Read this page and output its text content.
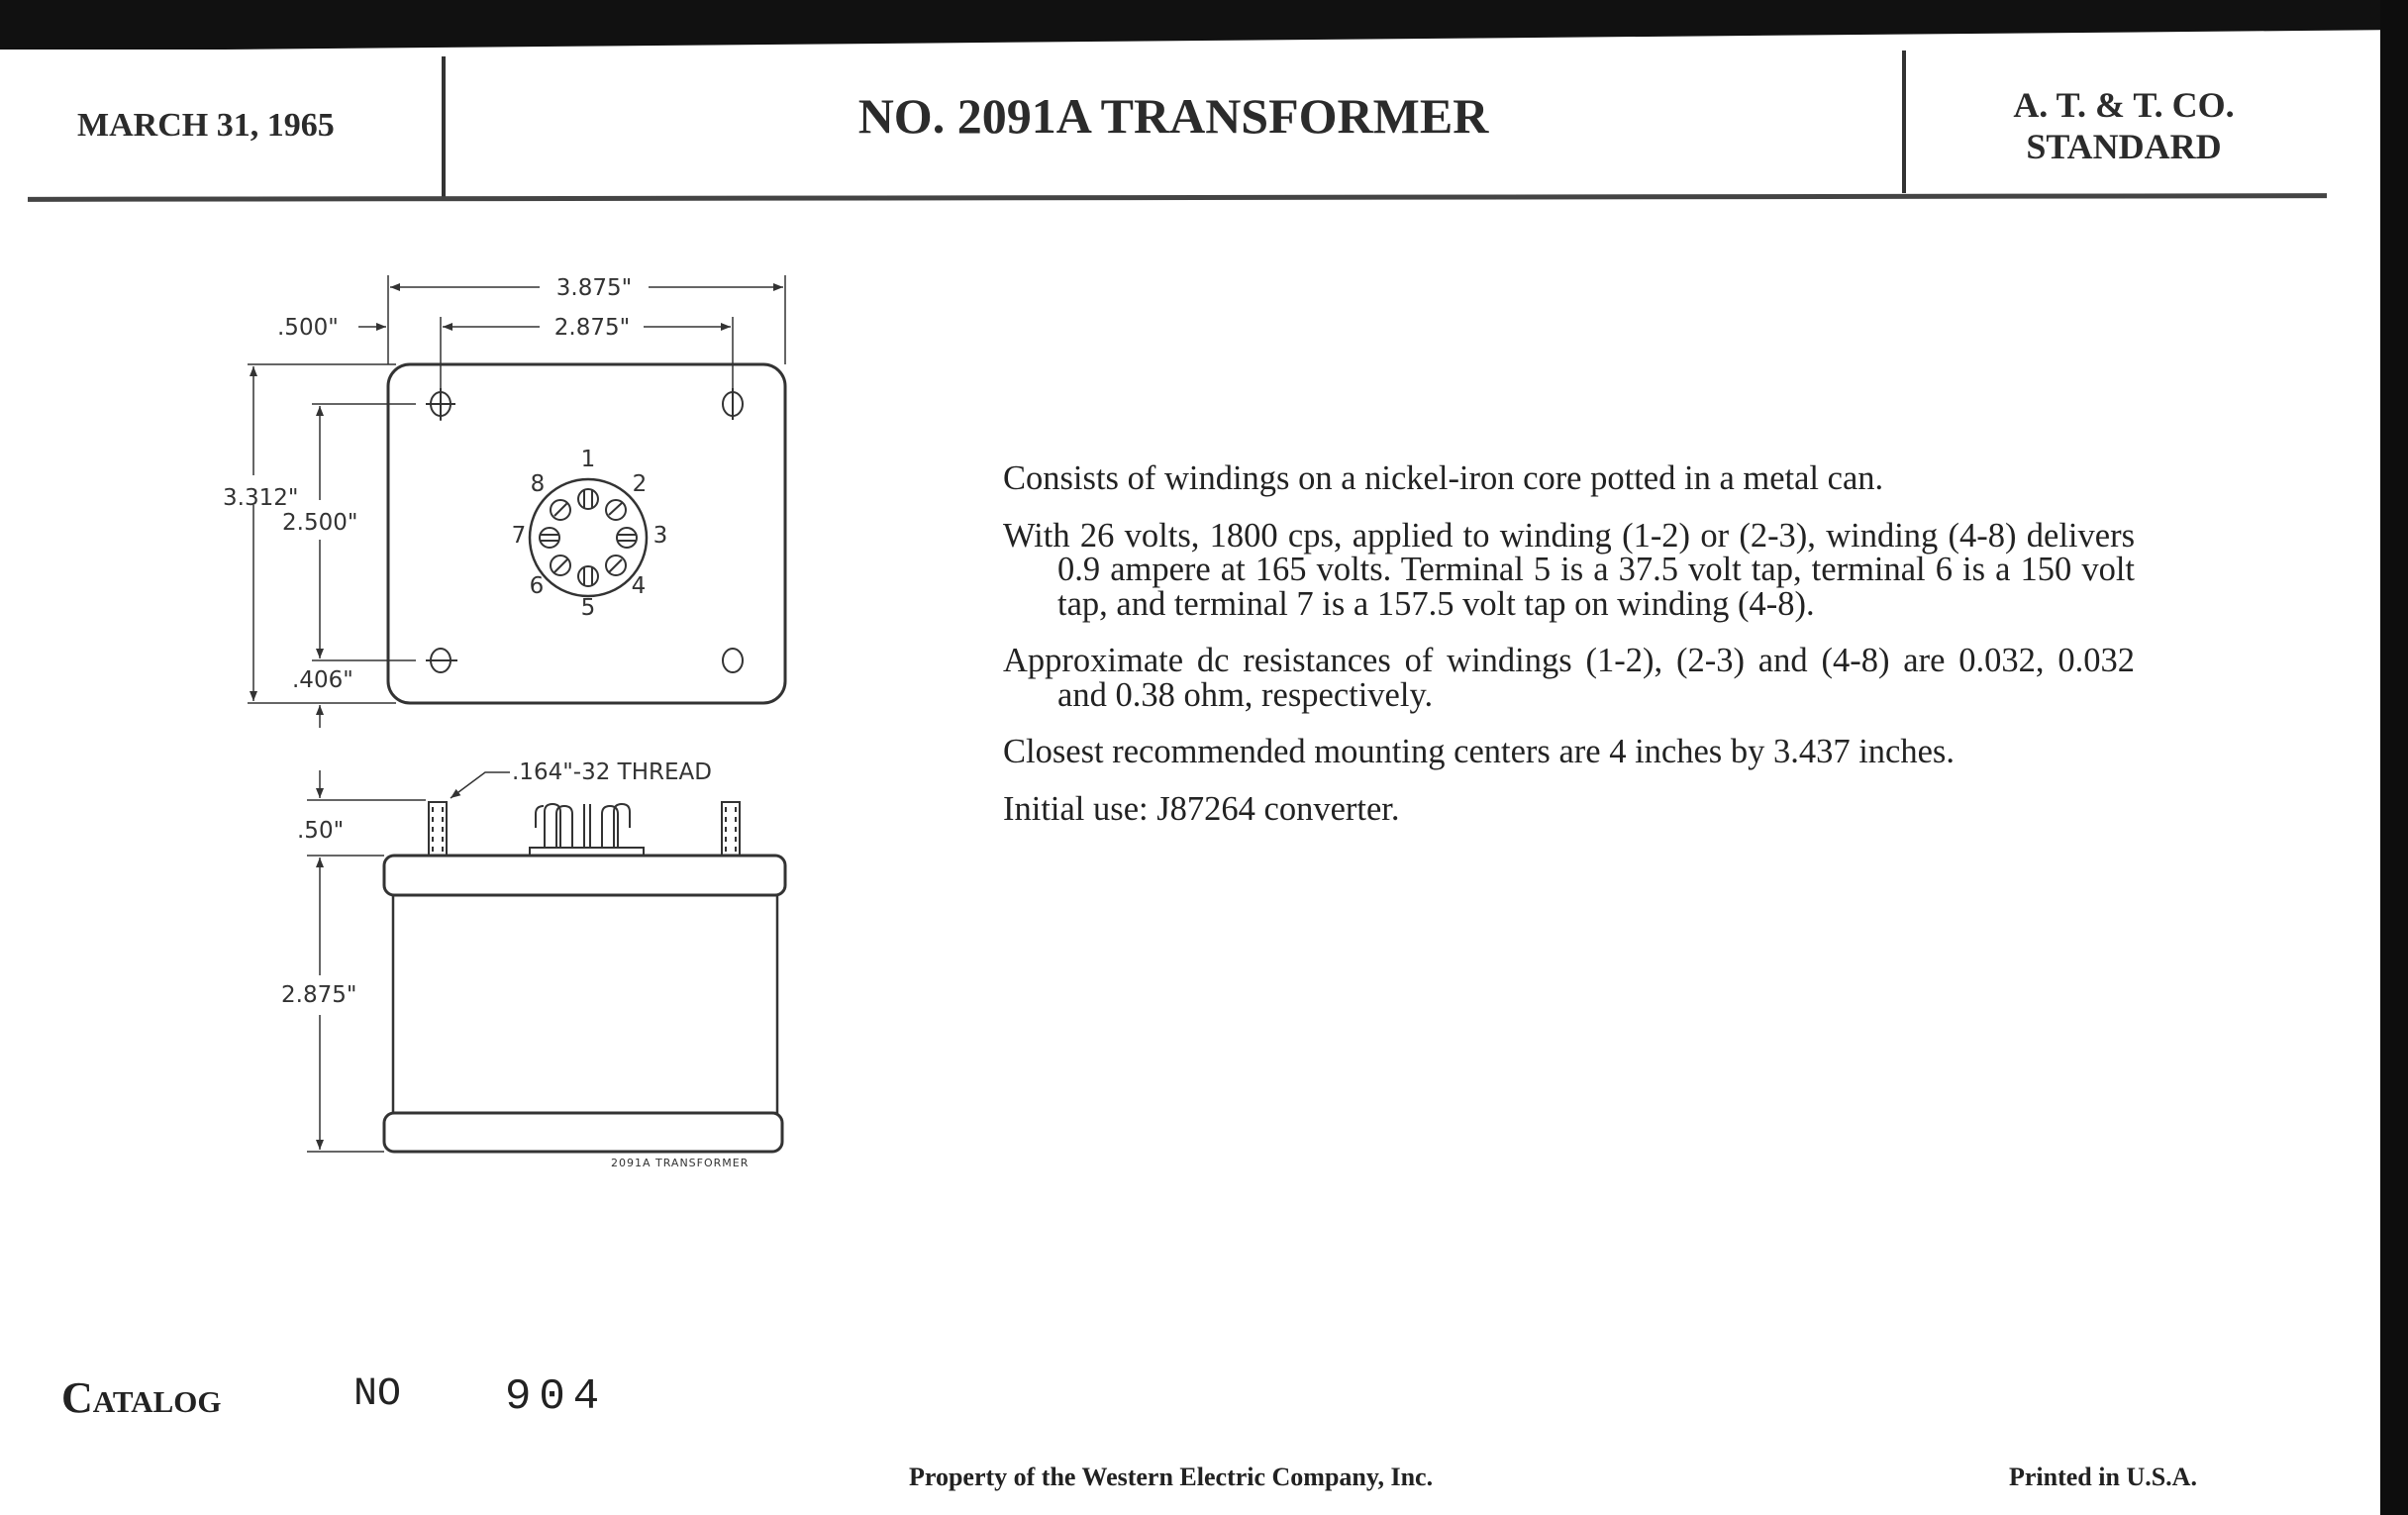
MARCH 31, 1965	NO. 2091A TRANSFORMER	A. T. & T. CO.
STANDARD
3.875"
2.875"
.500"
3.312"
2.500"
.406"
1
2
3
4
5
6
7
8
.50"
2.875"
.164"-32 THREAD
2091A TRANSFORMER

Consists of windings on a nickel-iron core potted in a metal can.

With 26 volts, 1800 cps, applied to winding (1-2) or (2-3), winding (4-8) delivers 0.9 ampere at 165 volts. Terminal 5 is a 37.5 volt tap, terminal 6 is a 150 volt tap, and terminal 7 is a 157.5 volt tap on winding (4-8).

Approximate dc resistances of windings (1-2), (2-3) and (4-8) are 0.032, 0.032 and 0.38 ohm, respectively.

Closest recommended mounting centers are 4 inches by 3.437 inches.

Initial use: J87264 converter.

Catalog	NO 904
Property of the Western Electric Company, Inc.	Printed in U.S.A.
